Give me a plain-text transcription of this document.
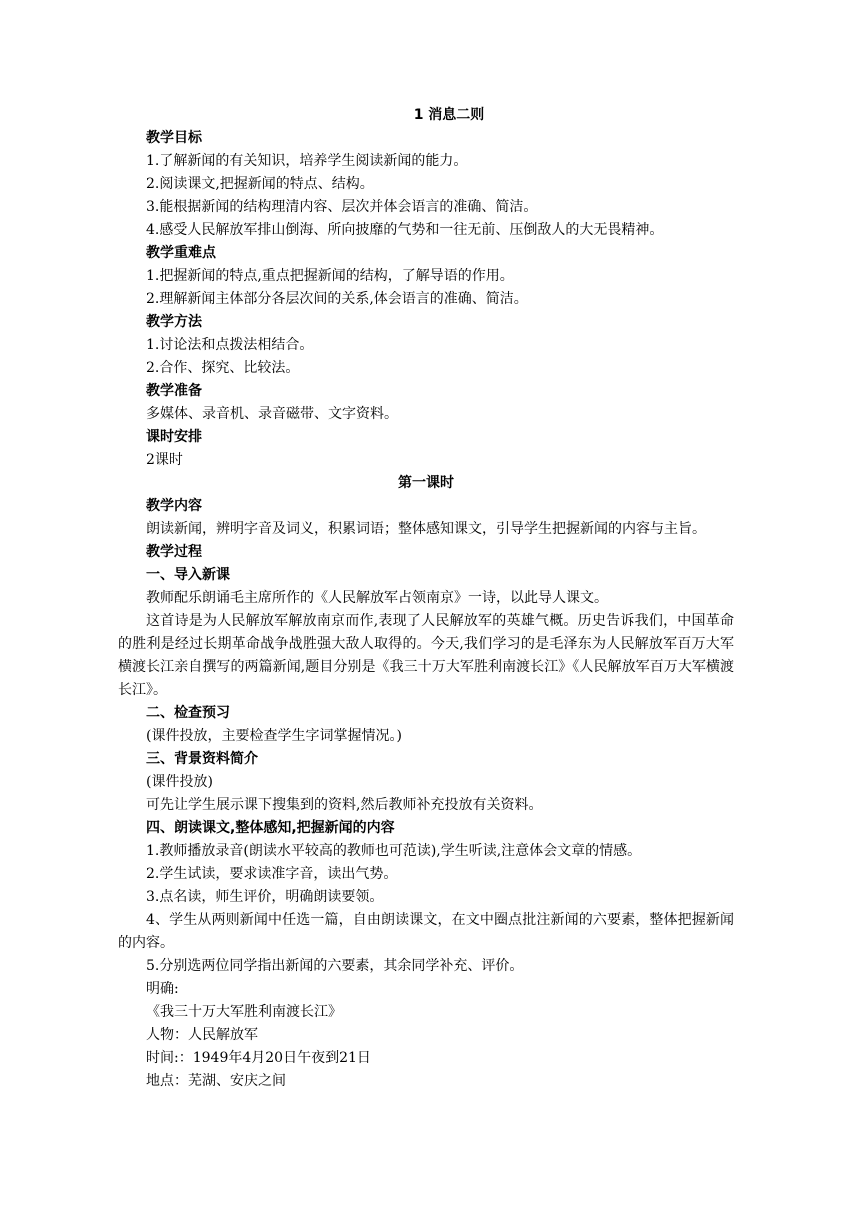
1 消息二则
教学目标
1.了解新闻的有关知识，培养学生阅读新闻的能力。
2.阅读课文,把握新闻的特点、结构。
3.能根据新闻的结构理清内容、层次并体会语言的准确、简洁。
4.感受人民解放军排山倒海、所向披靡的气势和一往无前、压倒敌人的大无畏精神。
教学重难点
1.把握新闻的特点,重点把握新闻的结构，了解导语的作用。
2.理解新闻主体部分各层次间的关系,体会语言的准确、简洁。
教学方法
1.讨论法和点拨法相结合。
2.合作、探究、比较法。
教学准备
多媒体、录音机、录音磁带、文字资料。
课时安排
2课时
第一课时
教学内容

朗读新闻，辨明字音及词义，积累词语；整体感知课文，引导学生把握新闻的内容与主旨。

教学过程
一、导入新课

教师配乐朗诵毛主席所作的《人民解放军占领南京》一诗，以此导人课文。

这首诗是为人民解放军解放南京而作,表现了人民解放军的英雄气概。历史告诉我们，中国革命的胜利是经过长期革命战争战胜强大敌人取得的。今天,我们学习的是毛泽东为人民解放军百万大军横渡长江亲自撰写的两篇新闻,题目分别是《我三十万大军胜利南渡长江》《人民解放军百万大军横渡长江》。

二、检查预习

(课件投放，主要检查学生字词掌握情况。)

三、背景资料简介

(课件投放)

可先让学生展示课下搜集到的资料,然后教师补充投放有关资料。

四、朗读课文,整体感知,把握新闻的内容

1.教师播放录音(朗读水平较高的教师也可范读),学生听读,注意体会文章的情感。

2.学生试读，要求读准字音，读出气势。

3.点名读，师生评价，明确朗读要领。

4、学生从两则新闻中任选一篇，自由朗读课文，在文中圈点批注新闻的六要素，整体把握新闻的内容。

5.分别选两位同学指出新闻的六要素，其余同学补充、评价。

明确:
《我三十万大军胜利南渡长江》
人物：人民解放军
时间:：1949年4月20日午夜到21日
地点：芜湖、安庆之间
